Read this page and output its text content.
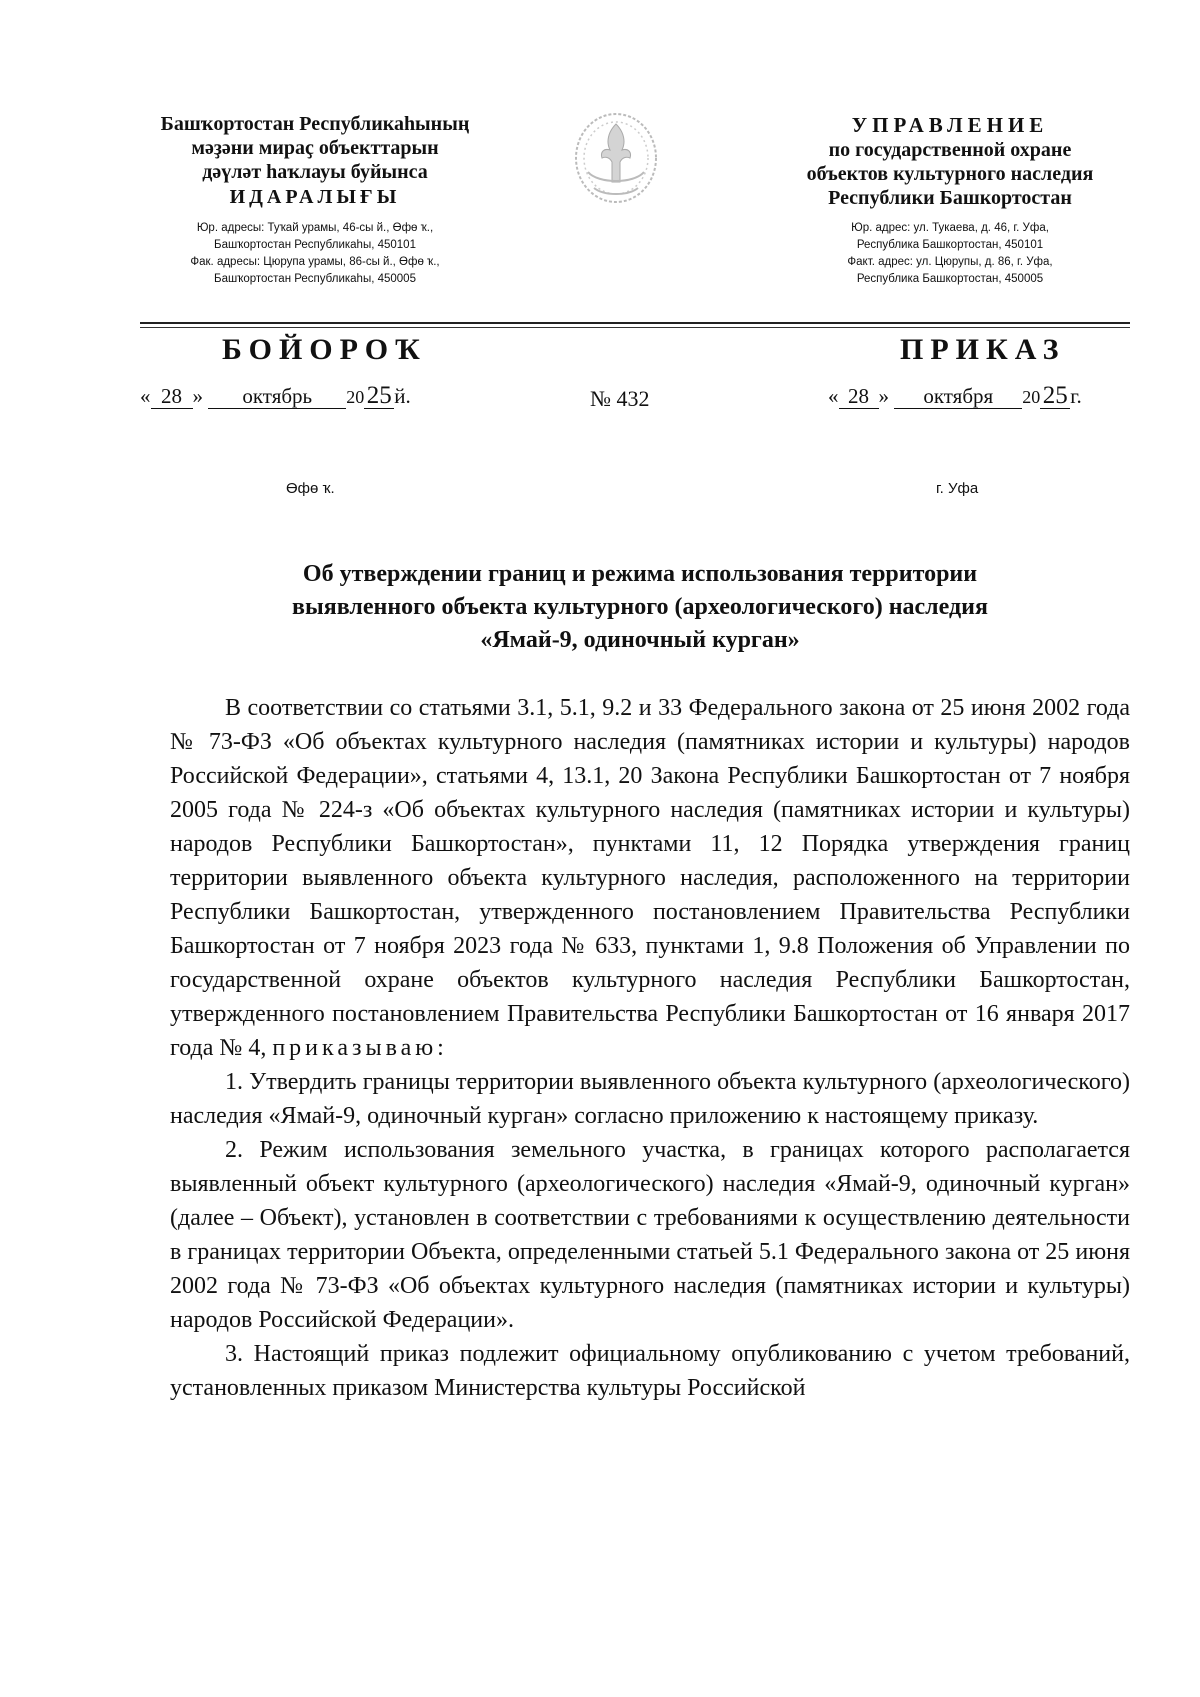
Башҡортостан Республикаһының
мәҙәни мираҫ объекттарын
дәүләт һаҡлауы буйынса
ИДАРАЛЫҒЫ
Юр. адресы: Туҡай урамы, 46-сы й., Өфө ҡ.,
Башҡортостан Республикаһы, 450101
Фак. адресы: Цюрупа урамы, 86-сы й., Өфө ҡ.,
Башҡортостан Республикаһы, 450005
УПРАВЛЕНИЕ
по государственной охране
объектов культурного наследия
Республики Башкортостан
Юр. адрес: ул. Тукаева, д. 46, г. Уфа,
Республика Башкортостан, 450101
Факт. адрес: ул. Цюрупы, д. 86, г. Уфа,
Республика Башкортостан, 450005
БОЙОРОҠ	ПРИКАЗ
« 28 » октябрь 20 25 й.	№ 432	« 28 » октября 20 25 г.
Өфө ҡ.	г. Уфа
Об утверждении границ и режима использования территории
выявленного объекта культурного (археологического) наследия
«Ямай-9, одиночный курган»

В соответствии со статьями 3.1, 5.1, 9.2 и 33 Федерального закона от 25 июня 2002 года № 73-ФЗ «Об объектах культурного наследия (памятниках истории и культуры) народов Российской Федерации», статьями 4, 13.1, 20 Закона Республики Башкортостан от 7 ноября 2005 года № 224-з «Об объектах культурного наследия (памятниках истории и культуры) народов Республики Башкортостан», пунктами 11, 12 Порядка утверждения границ территории выявленного объекта культурного наследия, расположенного на территории Республики Башкортостан, утвержденного постановлением Правительства Республики Башкортостан от 7 ноября 2023 года № 633, пунктами 1, 9.8 Положения об Управлении по государственной охране объектов культурного наследия Республики Башкортостан, утвержденного постановлением Правительства Республики Башкортостан от 16 января 2017 года № 4, приказываю:

1. Утвердить границы территории выявленного объекта культурного (археологического) наследия «Ямай-9, одиночный курган» согласно приложению к настоящему приказу.

2. Режим использования земельного участка, в границах которого располагается выявленный объект культурного (археологического) наследия «Ямай-9, одиночный курган» (далее – Объект), установлен в соответствии с требованиями к осуществлению деятельности в границах территории Объекта, определенными статьей 5.1 Федерального закона от 25 июня 2002 года № 73-ФЗ «Об объектах культурного наследия (памятниках истории и культуры) народов Российской Федерации».

3. Настоящий приказ подлежит официальному опубликованию с учетом требований, установленных приказом Министерства культуры Российской
